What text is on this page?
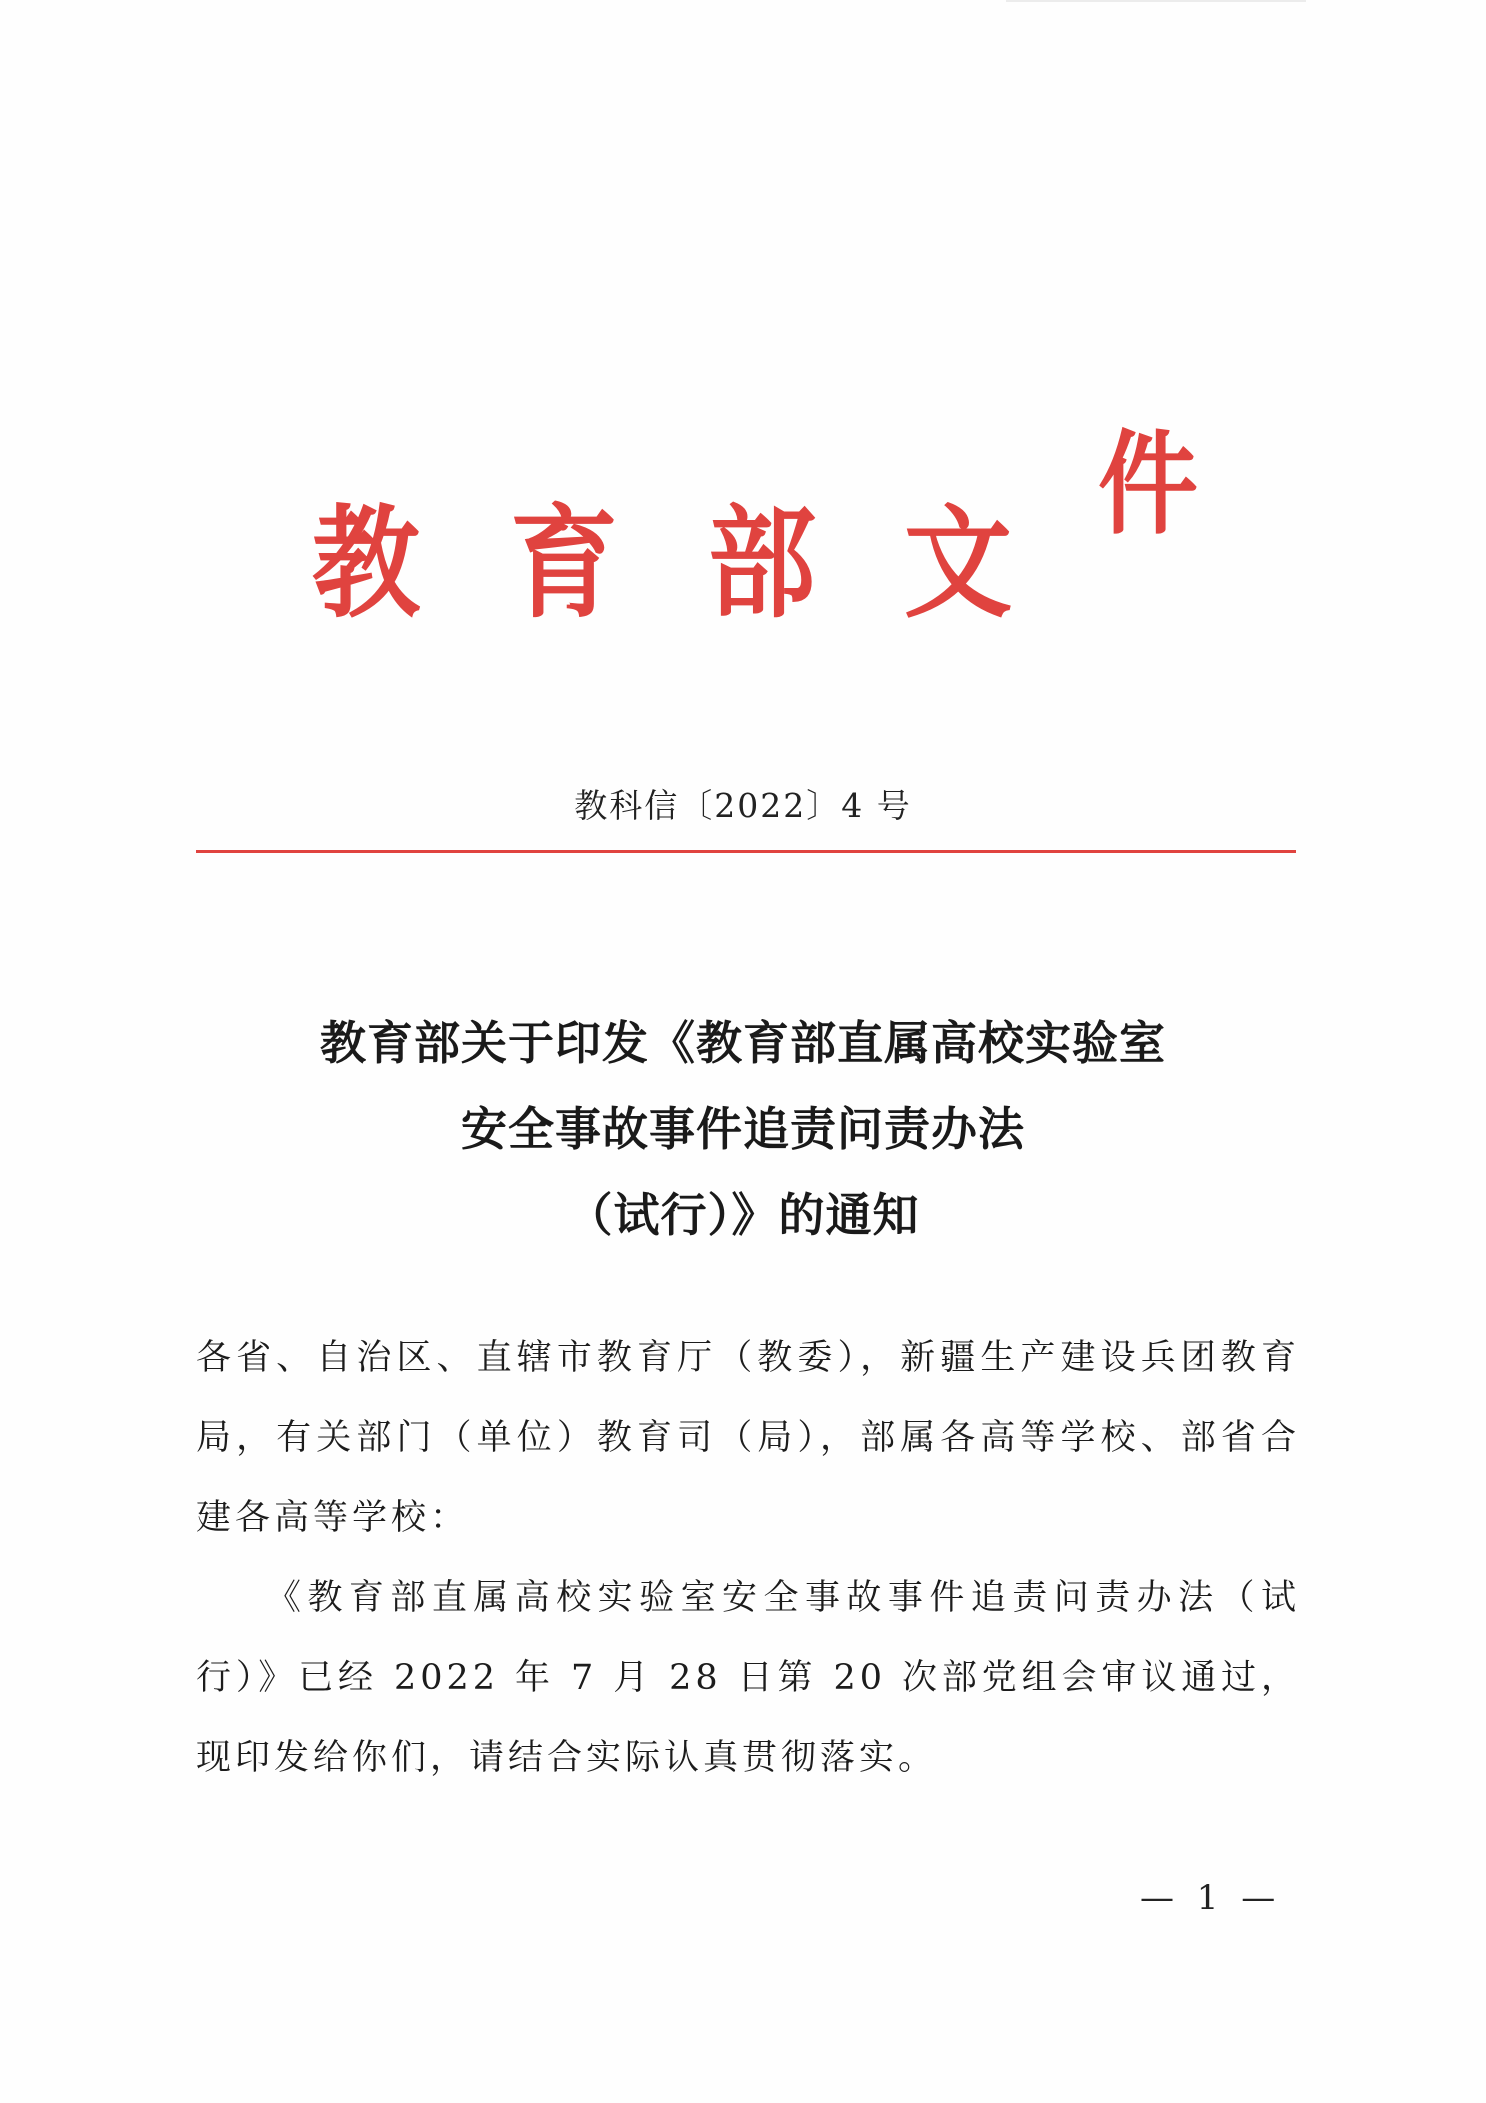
教 育 部 文
件
教科信〔2022〕4 号
教育部关于印发《教育部直属高校实验室
安全事故事件追责问责办法
（试行）》的通知

各省、自治区、直辖市教育厅（教委），新疆生产建设兵团教育局，有关部门（单位）教育司（局），部属各高等学校、部省合建各高等学校：

《教育部直属高校实验室安全事故事件追责问责办法（试行）》已经 2022 年 7 月 28 日第 20 次部党组会审议通过，现印发给你们，请结合实际认真贯彻落实。

— 1 —
